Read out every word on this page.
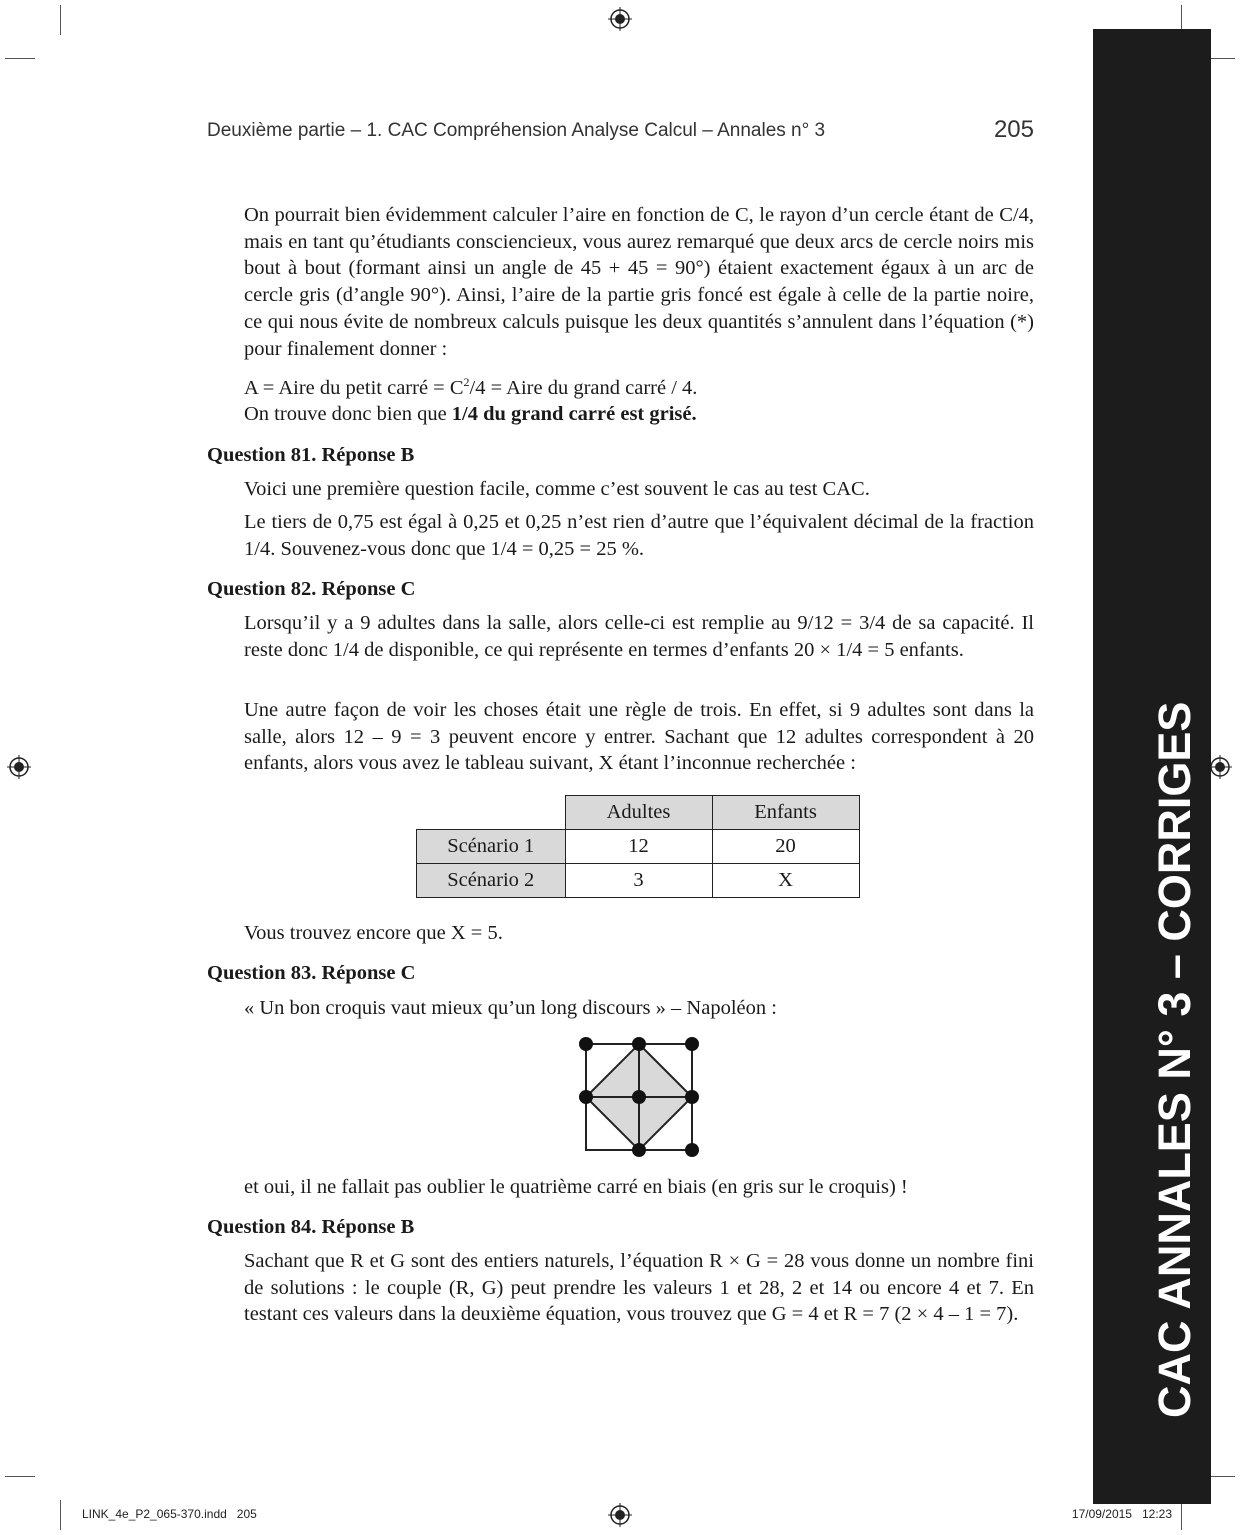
Deuxième partie – 1. CAC Compréhension Analyse Calcul – Annales n° 3	205
On pourrait bien évidemment calculer l’aire en fonction de C, le rayon d’un cercle étant de C/4, mais en tant qu’étudiants consciencieux, vous aurez remarqué que deux arcs de cercle noirs mis bout à bout (formant ainsi un angle de 45 + 45 = 90°) étaient exactement égaux à un arc de cercle gris (d’angle 90°). Ainsi, l’aire de la partie gris foncé est égale à celle de la partie noire, ce qui nous évite de nombreux calculs puisque les deux quantités s’annulent dans l’équation (*) pour finalement donner :
A = Aire du petit carré = $C^2/4$ = Aire du grand carré / 4.
On trouve donc bien que 1/4 du grand carré est grisé.
Question 81. Réponse B
Voici une première question facile, comme c’est souvent le cas au test CAC.
Le tiers de 0,75 est égal à 0,25 et 0,25 n’est rien d’autre que l’équivalent décimal de la fraction 1/4. Souvenez-vous donc que 1/4 = 0,25 = 25 %.
Question 82. Réponse C
Lorsqu’il y a 9 adultes dans la salle, alors celle-ci est remplie au 9/12 = 3/4 de sa capacité. Il reste donc 1/4 de disponible, ce qui représente en termes d’enfants 20 × 1/4 = 5 enfants.
Une autre façon de voir les choses était une règle de trois. En effet, si 9 adultes sont dans la salle, alors 12 – 9 = 3 peuvent encore y entrer. Sachant que 12 adultes correspondent à 20 enfants, alors vous avez le tableau suivant, X étant l’inconnue recherchée :
	Adultes	Enfants
Scénario 1	12	20
Scénario 2	3	X
Vous trouvez encore que X = 5.
Question 83. Réponse C
« Un bon croquis vaut mieux qu’un long discours » – Napoléon :
et oui, il ne fallait pas oublier le quatrième carré en biais (en gris sur le croquis) !
Question 84. Réponse B
Sachant que R et G sont des entiers naturels, l’équation R × G = 28 vous donne un nombre fini de solutions : le couple (R, G) peut prendre les valeurs 1 et 28, 2 et 14 ou encore 4 et 7. En testant ces valeurs dans la deuxième équation, vous trouvez que G = 4 et R = 7 (2 × 4 – 1 = 7).	CAC ANNALES N° 3 – CORRIGES
LINK_4e_P2_065-370.indd   205	17/09/2015   12:23
